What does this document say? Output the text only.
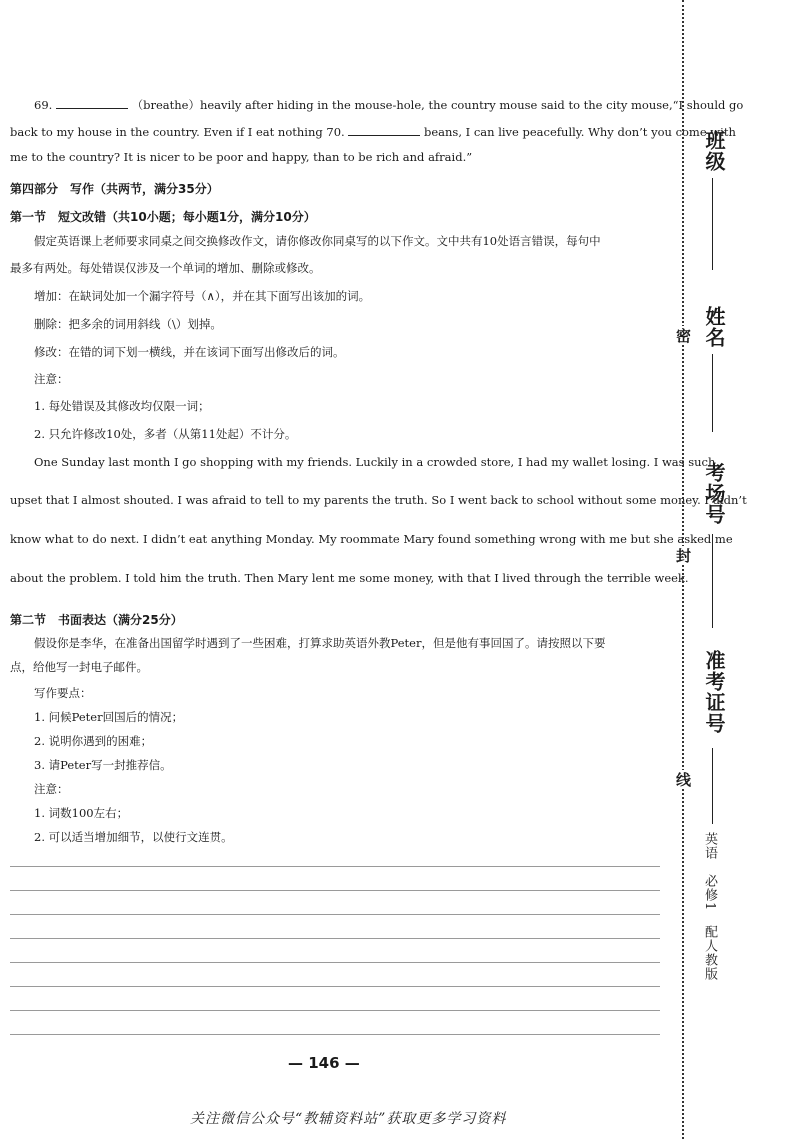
69.	（breathe）heavily after hiding in the mouse-hole, the country mouse said to the city mouse,“I should go
back to my house in the country. Even if I eat nothing 70.	beans, I can live peacefully. Why don’t you come with
me to the country? It is nicer to be poor and happy, than to be rich and afraid.”
第四部分　写作（共两节，满分35分）
第一节　短文改错（共10小题；每小题1分，满分10分）
假定英语课上老师要求同桌之间交换修改作文，请你修改你同桌写的以下作文。文中共有10处语言错误，每句中
最多有两处。每处错误仅涉及一个单词的增加、删除或修改。
增加：在缺词处加一个漏字符号（∧），并在其下面写出该加的词。
删除：把多余的词用斜线（\）划掉。
修改：在错的词下划一横线，并在该词下面写出修改后的词。
注意：
1. 每处错误及其修改均仅限一词；
2. 只允许修改10处，多者（从第11处起）不计分。
One Sunday last month I go shopping with my friends. Luckily in a crowded store, I had my wallet losing. I was such
upset that I almost shouted. I was afraid to tell to my parents the truth. So I went back to school without some money. I didn’t
know what to do next. I didn’t eat anything Monday. My roommate Mary found something wrong with me but she asked me
about the problem. I told him the truth. Then Mary lent me some money, with that I lived through the terrible week.
第二节　书面表达（满分25分）
假设你是李华，在准备出国留学时遇到了一些困难，打算求助英语外教Peter，但是他有事回国了。请按照以下要
点，给他写一封电子邮件。
写作要点：
1. 问候Peter回国后的情况；
2. 说明你遇到的困难；
3. 请Peter写一封推荐信。
注意：
1. 词数100左右；
2. 可以适当增加细节，以使行文连贯。
— 146 —
关注微信公众号“教辅资料站”获取更多学习资料
班级
姓名
考场号
准考证号
密
封
线
英语　必修1　配人教版
